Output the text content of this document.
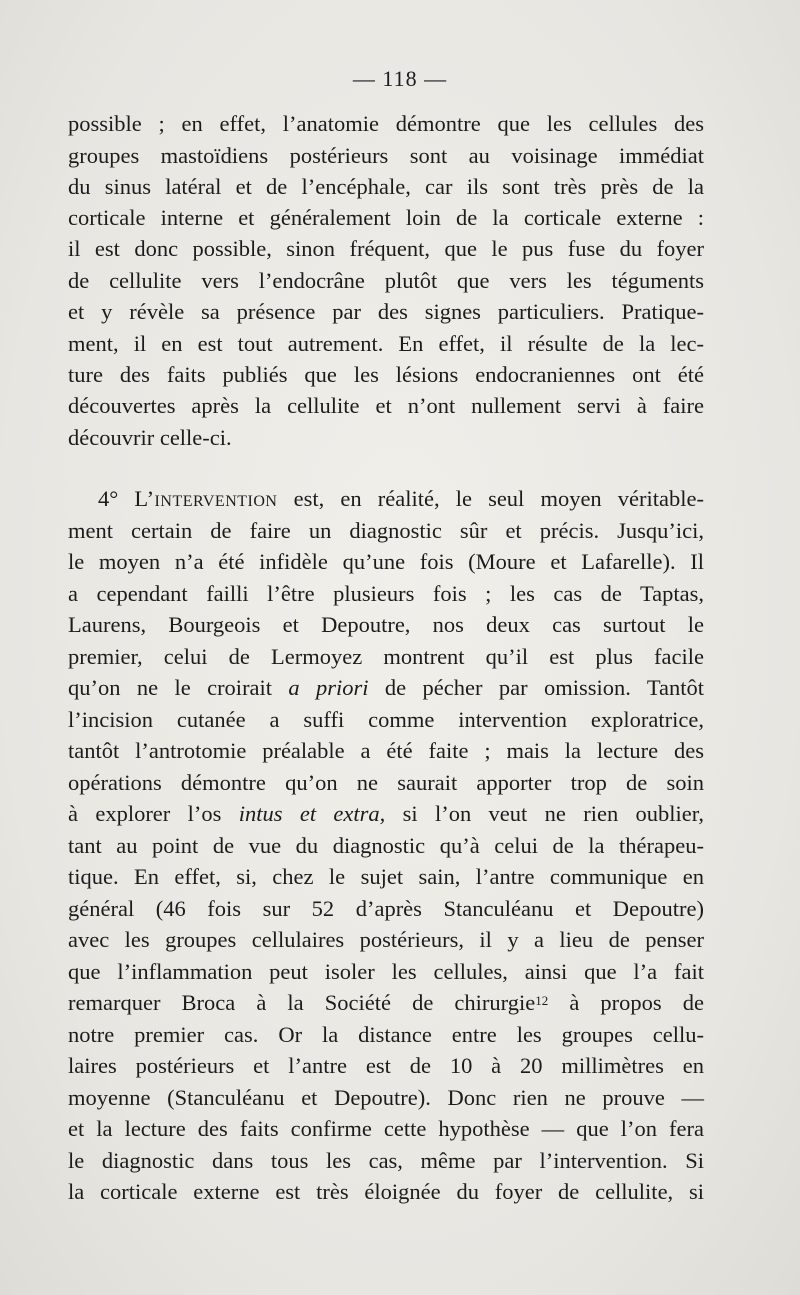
— 118 —
possible ; en effet, l’anatomie démontre que les cellules des
groupes mastoïdiens postérieurs sont au voisinage immédiat
du sinus latéral et de l’encéphale, car ils sont très près de la
corticale interne et généralement loin de la corticale externe :
il est donc possible, sinon fréquent, que le pus fuse du foyer
de cellulite vers l’endocrâne plutôt que vers les téguments
et y révèle sa présence par des signes particuliers. Pratique-
ment, il en est tout autrement. En effet, il résulte de la lec-
ture des faits publiés que les lésions endocraniennes ont été
découvertes après la cellulite et n’ont nullement servi à faire
découvrir celle-ci.
4° L’intervention est, en réalité, le seul moyen véritable-
ment certain de faire un diagnostic sûr et précis. Jusqu’ici,
le moyen n’a été infidèle qu’une fois (Moure et Lafarelle). Il
a cependant failli l’être plusieurs fois ; les cas de Taptas,
Laurens, Bourgeois et Depoutre, nos deux cas surtout le
premier, celui de Lermoyez montrent qu’il est plus facile
qu’on ne le croirait a priori de pécher par omission. Tantôt
l’incision cutanée a suffi comme intervention exploratrice,
tantôt l’antrotomie préalable a été faite ; mais la lecture des
opérations démontre qu’on ne saurait apporter trop de soin
à explorer l’os intus et extra, si l’on veut ne rien oublier,
tant au point de vue du diagnostic qu’à celui de la thérapeu-
tique. En effet, si, chez le sujet sain, l’antre communique en
général (46 fois sur 52 d’après Stanculéanu et Depoutre)
avec les groupes cellulaires postérieurs, il y a lieu de penser
que l’inflammation peut isoler les cellules, ainsi que l’a fait
remarquer Broca à la Société de chirurgie$^{12}$ à propos de
notre premier cas. Or la distance entre les groupes cellu-
laires postérieurs et l’antre est de 10 à 20 millimètres en
moyenne (Stanculéanu et Depoutre). Donc rien ne prouve —
et la lecture des faits confirme cette hypothèse — que l’on fera
le diagnostic dans tous les cas, même par l’intervention. Si
la corticale externe est très éloignée du foyer de cellulite, si
